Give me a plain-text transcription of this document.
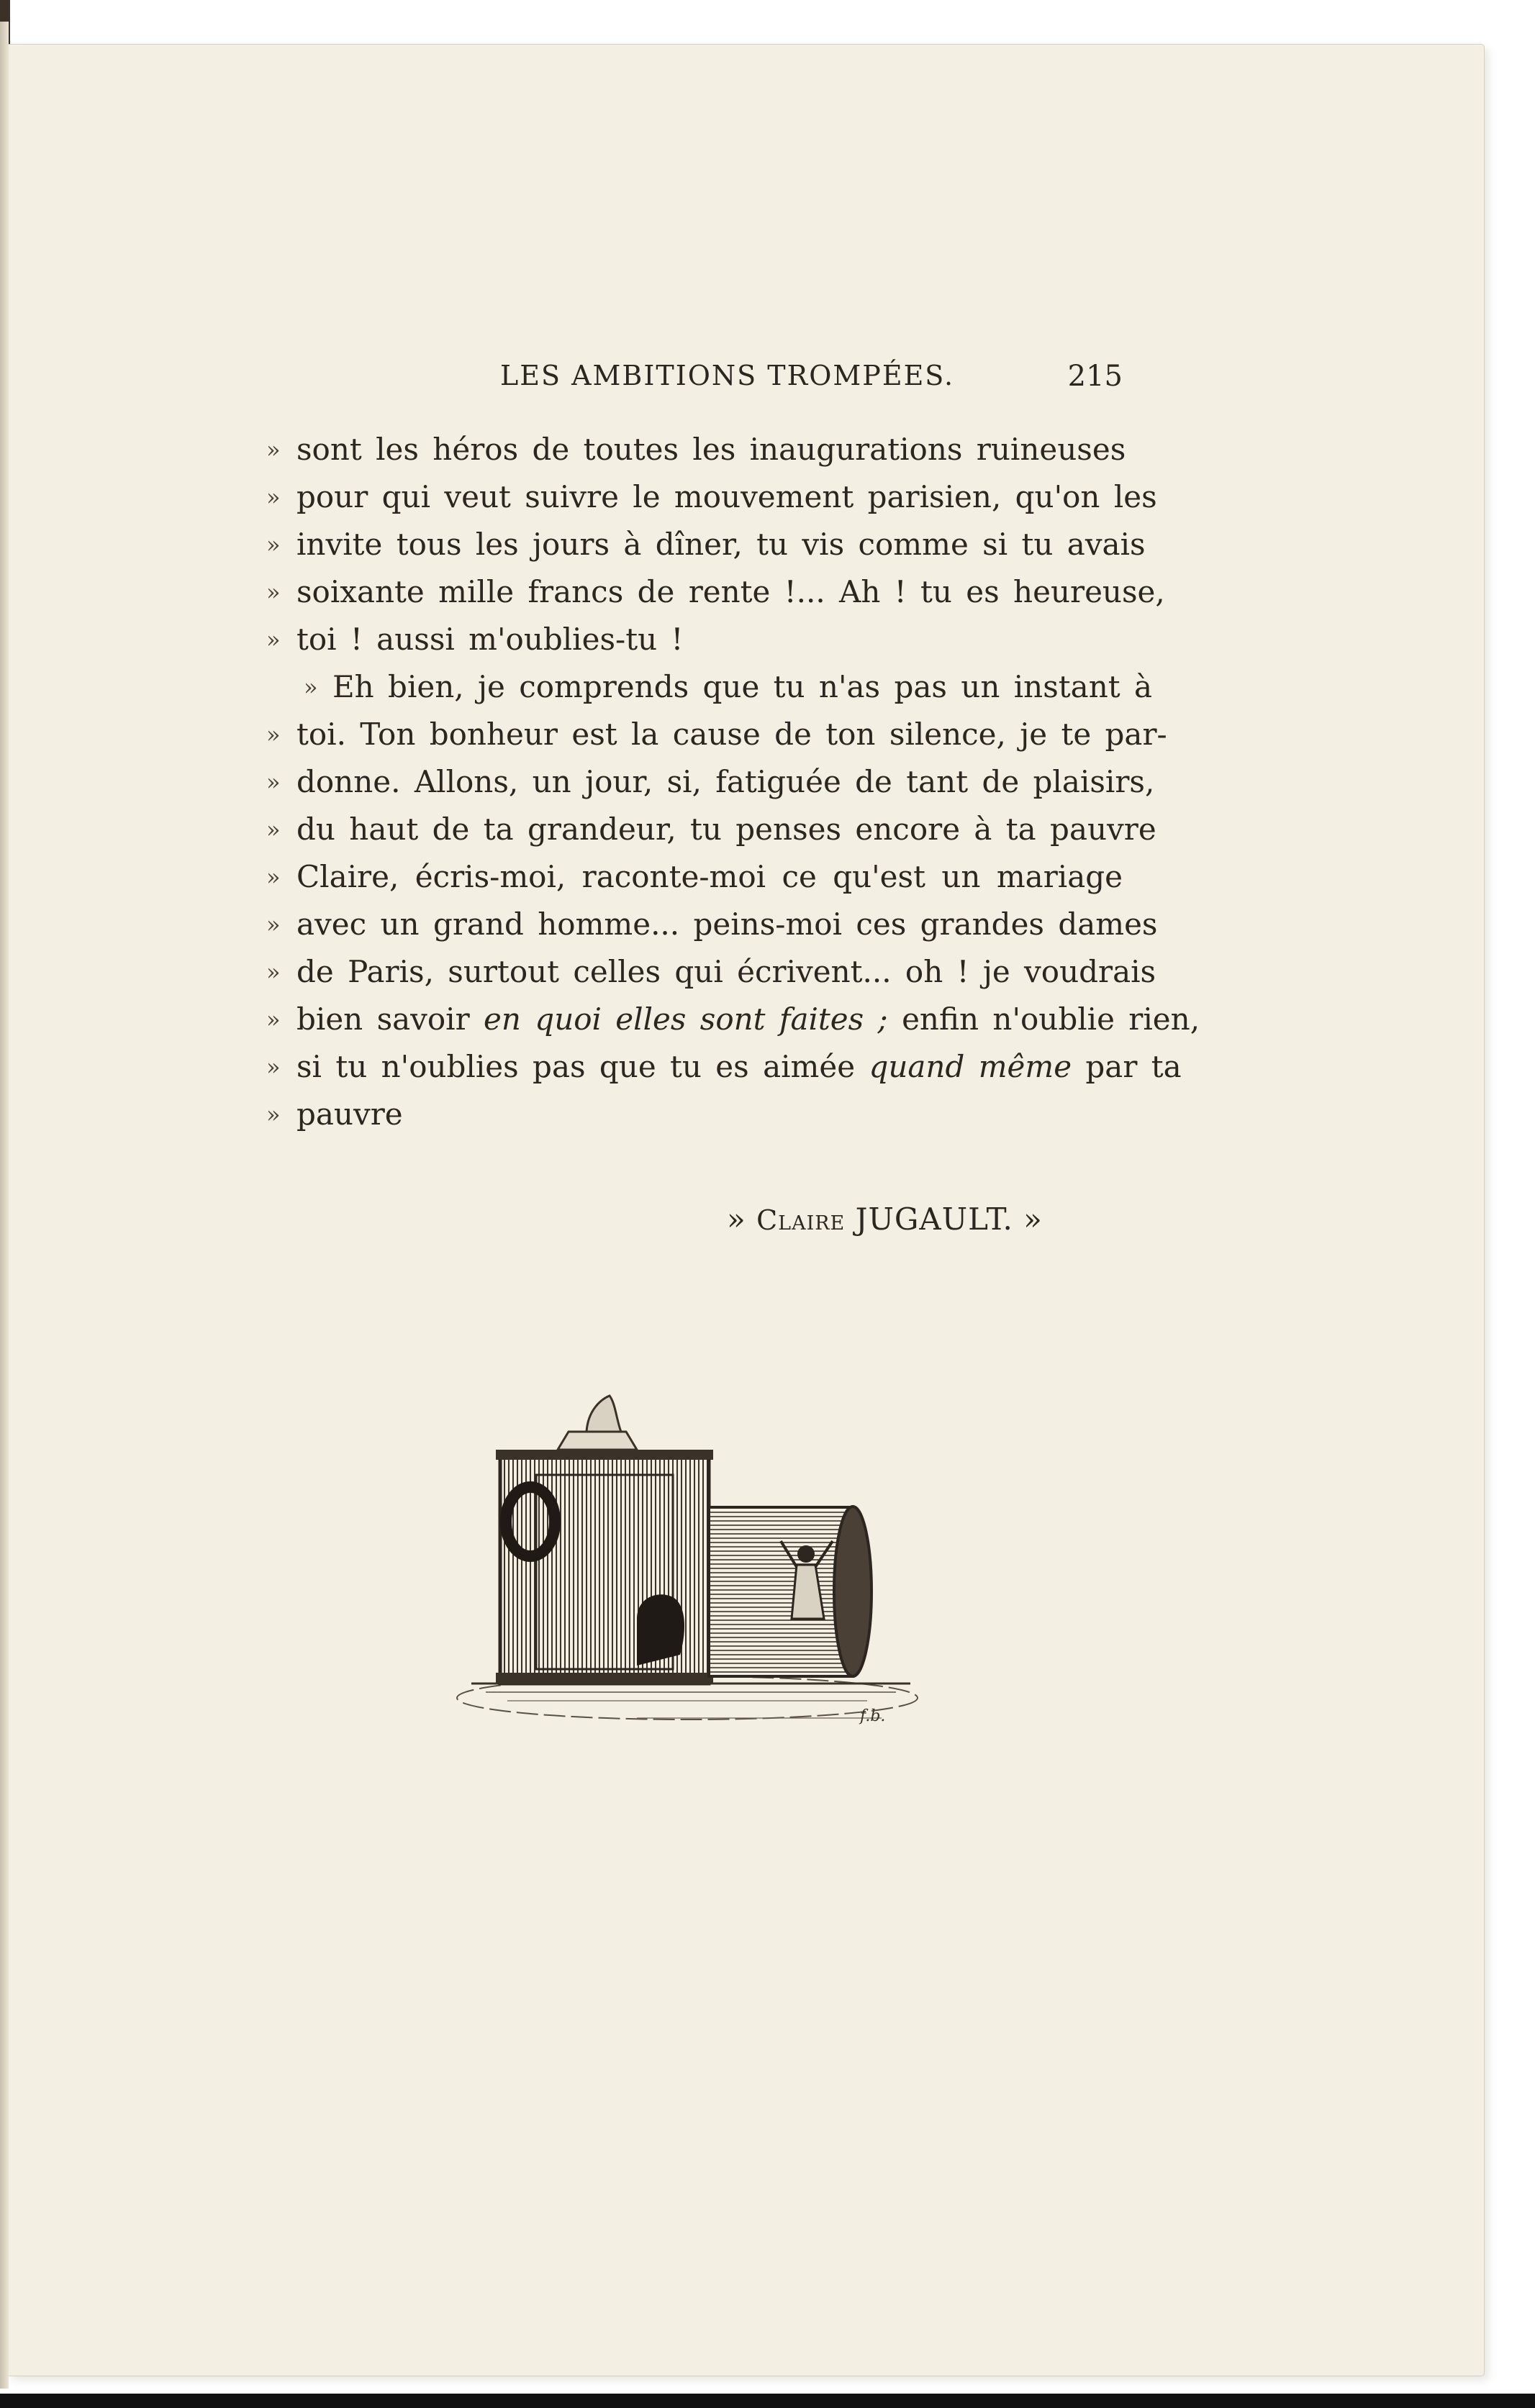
LES AMBITIONS TROMPÉES.	215
» sont les héros de toutes les inaugurations ruineuses
» pour qui veut suivre le mouvement parisien, qu'on les
» invite tous les jours à dîner, tu vis comme si tu avais
» soixante mille francs de rente !... Ah ! tu es heureuse,
» toi ! aussi m'oublies-tu !
» Eh bien, je comprends que tu n'as pas un instant à
» toi. Ton bonheur est la cause de ton silence, je te par-
» donne. Allons, un jour, si, fatiguée de tant de plaisirs,
» du haut de ta grandeur, tu penses encore à ta pauvre
» Claire, écris-moi, raconte-moi ce qu'est un mariage
» avec un grand homme... peins-moi ces grandes dames
» de Paris, surtout celles qui écrivent... oh ! je voudrais
» bien savoir en quoi elles sont faites ; enfin n'oublie rien,
» si tu n'oublies pas que tu es aimée quand même par ta
» pauvre
» Claire JUGAULT. »
f.b.
